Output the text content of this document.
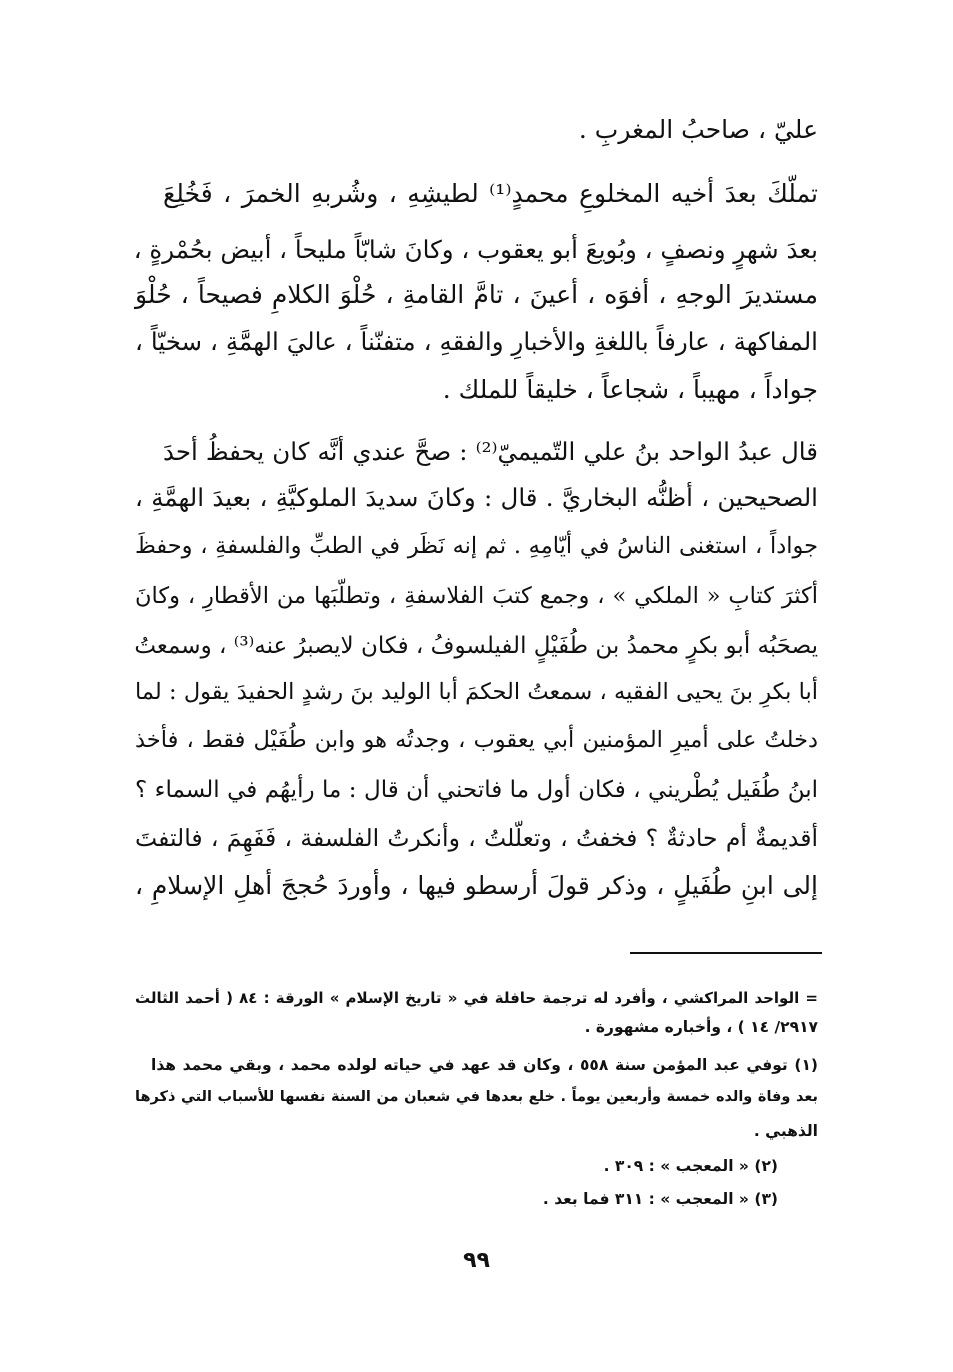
عليّ ، صاحبُ المغربِ .
تملّكَ بعدَ أخيه المخلوعِ محمدٍ⁽¹⁾ لطيشِهِ ، وشُربهِ الخمرَ ، فَخُلِعَ
بعدَ شهرٍ ونصفٍ ، وبُويعَ أبو يعقوب ، وكانَ شابّاً مليحاً ، أبيض بحُمْرةٍ ،
مستديرَ الوجهِ ، أفوَه ، أعينَ ، تامَّ القامةِ ، حُلْوَ الكلامِ فصيحاً ، حُلْوَ
المفاكهة ، عارفاً باللغةِ والأخبارِ والفقهِ ، متفنّناً ، عاليَ الهمَّةِ ، سخيّاً ،
جواداً ، مهيباً ، شجاعاً ، خليقاً للملك .
قال عبدُ الواحد بنُ علي التّميميّ⁽²⁾ : صحَّ عندي أنَّه كان يحفظُ أحدَ
الصحيحين ، أظنُّه البخاريَّ . قال : وكانَ سديدَ الملوكيَّةِ ، بعيدَ الهمَّةِ ،
جواداً ، استغنى الناسُ في أيّامِهِ . ثم إنه نَظَر في الطبِّ والفلسفةِ ، وحفظَ
أكثرَ كتابِ « الملكي » ، وجمع كتبَ الفلاسفةِ ، وتطلّبَها من الأقطارِ ، وكانَ
يصحَبُه أبو بكرٍ محمدُ بن طُفَيْلٍ الفيلسوفُ ، فكان لايصبرُ عنه⁽³⁾ ، وسمعتُ
أبا بكرِ بنَ يحيى الفقيه ، سمعتُ الحكمَ أبا الوليد بنَ رشدٍ الحفيدَ يقول : لما
دخلتُ على أميرِ المؤمنين أبي يعقوب ، وجدتُه هو وابن طُفَيْل فقط ، فأخذ
ابنُ طُفَيل يُطْريني ، فكان أول ما فاتحني أن قال : ما رأيهُم في السماء ؟
أقديمةٌ أم حادثةٌ ؟ فخفتُ ، وتعلّلتُ ، وأنكرتُ الفلسفة ، فَفَهِمَ ، فالتفتَ
إلى ابنِ طُفَيلٍ ، وذكر قولَ أرسطو فيها ، وأوردَ حُججَ أهلِ الإسلامِ ،
= الواحد المراكشي ، وأفرد له ترجمة حافلة في « تاريخ الإسلام » الورقة : ٨٤ ( أحمد الثالث
٢٩١٧/ ١٤ ) ، وأخباره مشهورة .
(١) توفي عبد المؤمن سنة ٥٥٨ ، وكان قد عهد في حياته لولده محمد ، وبقي محمد هذا
بعد وفاة والده خمسة وأربعين يوماً . خلع بعدها في شعبان من السنة نفسها للأسباب التي ذكرها
الذهبي .
(٢) « المعجب » : ٣٠٩ .
(٣) « المعجب » : ٣١١ فما بعد .
٩٩
